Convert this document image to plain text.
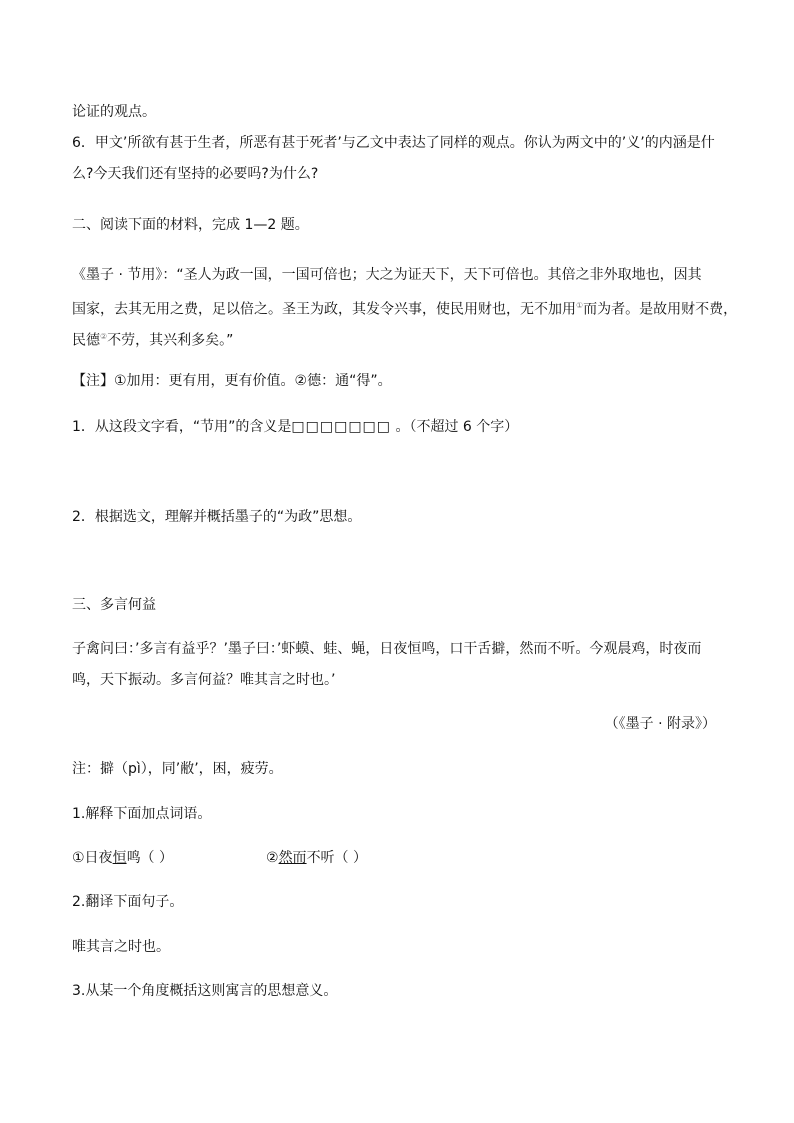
论证的观点。
6．甲文’所欲有甚于生者，所恶有甚于死者’与乙文中表达了同样的观点。你认为两文中的’义’的内涵是什
么?今天我们还有坚持的必要吗?为什么?
二、阅读下面的材料，完成 1—2 题。
《墨子 · 节用》：“圣人为政一国，一国可倍也；大之为证天下，天下可倍也。其倍之非外取地也，因其
国家，去其无用之费，足以倍之。圣王为政，其发令兴事，使民用财也，无不加用①而为者。是故用财不费，
民德②不劳，其兴利多矣。”
【注】①加用：更有用，更有价值。②德：通“得”。
1．从这段文字看，“节用”的含义是□□□□□□□ 。（不超过 6 个字）
2．根据选文，理解并概括墨子的“为政”思想。
三、多言何益
子禽问曰：’多言有益乎？’墨子曰：’虾蟆、蛙、蝇，日夜恒鸣，口干舌擗，然而不听。今观晨鸡，时夜而
鸣，天下振动。多言何益？唯其言之时也。’
（《墨子 · 附录》）
注：擗（pì），同’敝’，困，疲劳。
1.解释下面加点词语。
①日夜恒鸣（ ）	②然而不听（ ）
2.翻译下面句子。
唯其言之时也。
3.从某一个角度概括这则寓言的思想意义。
